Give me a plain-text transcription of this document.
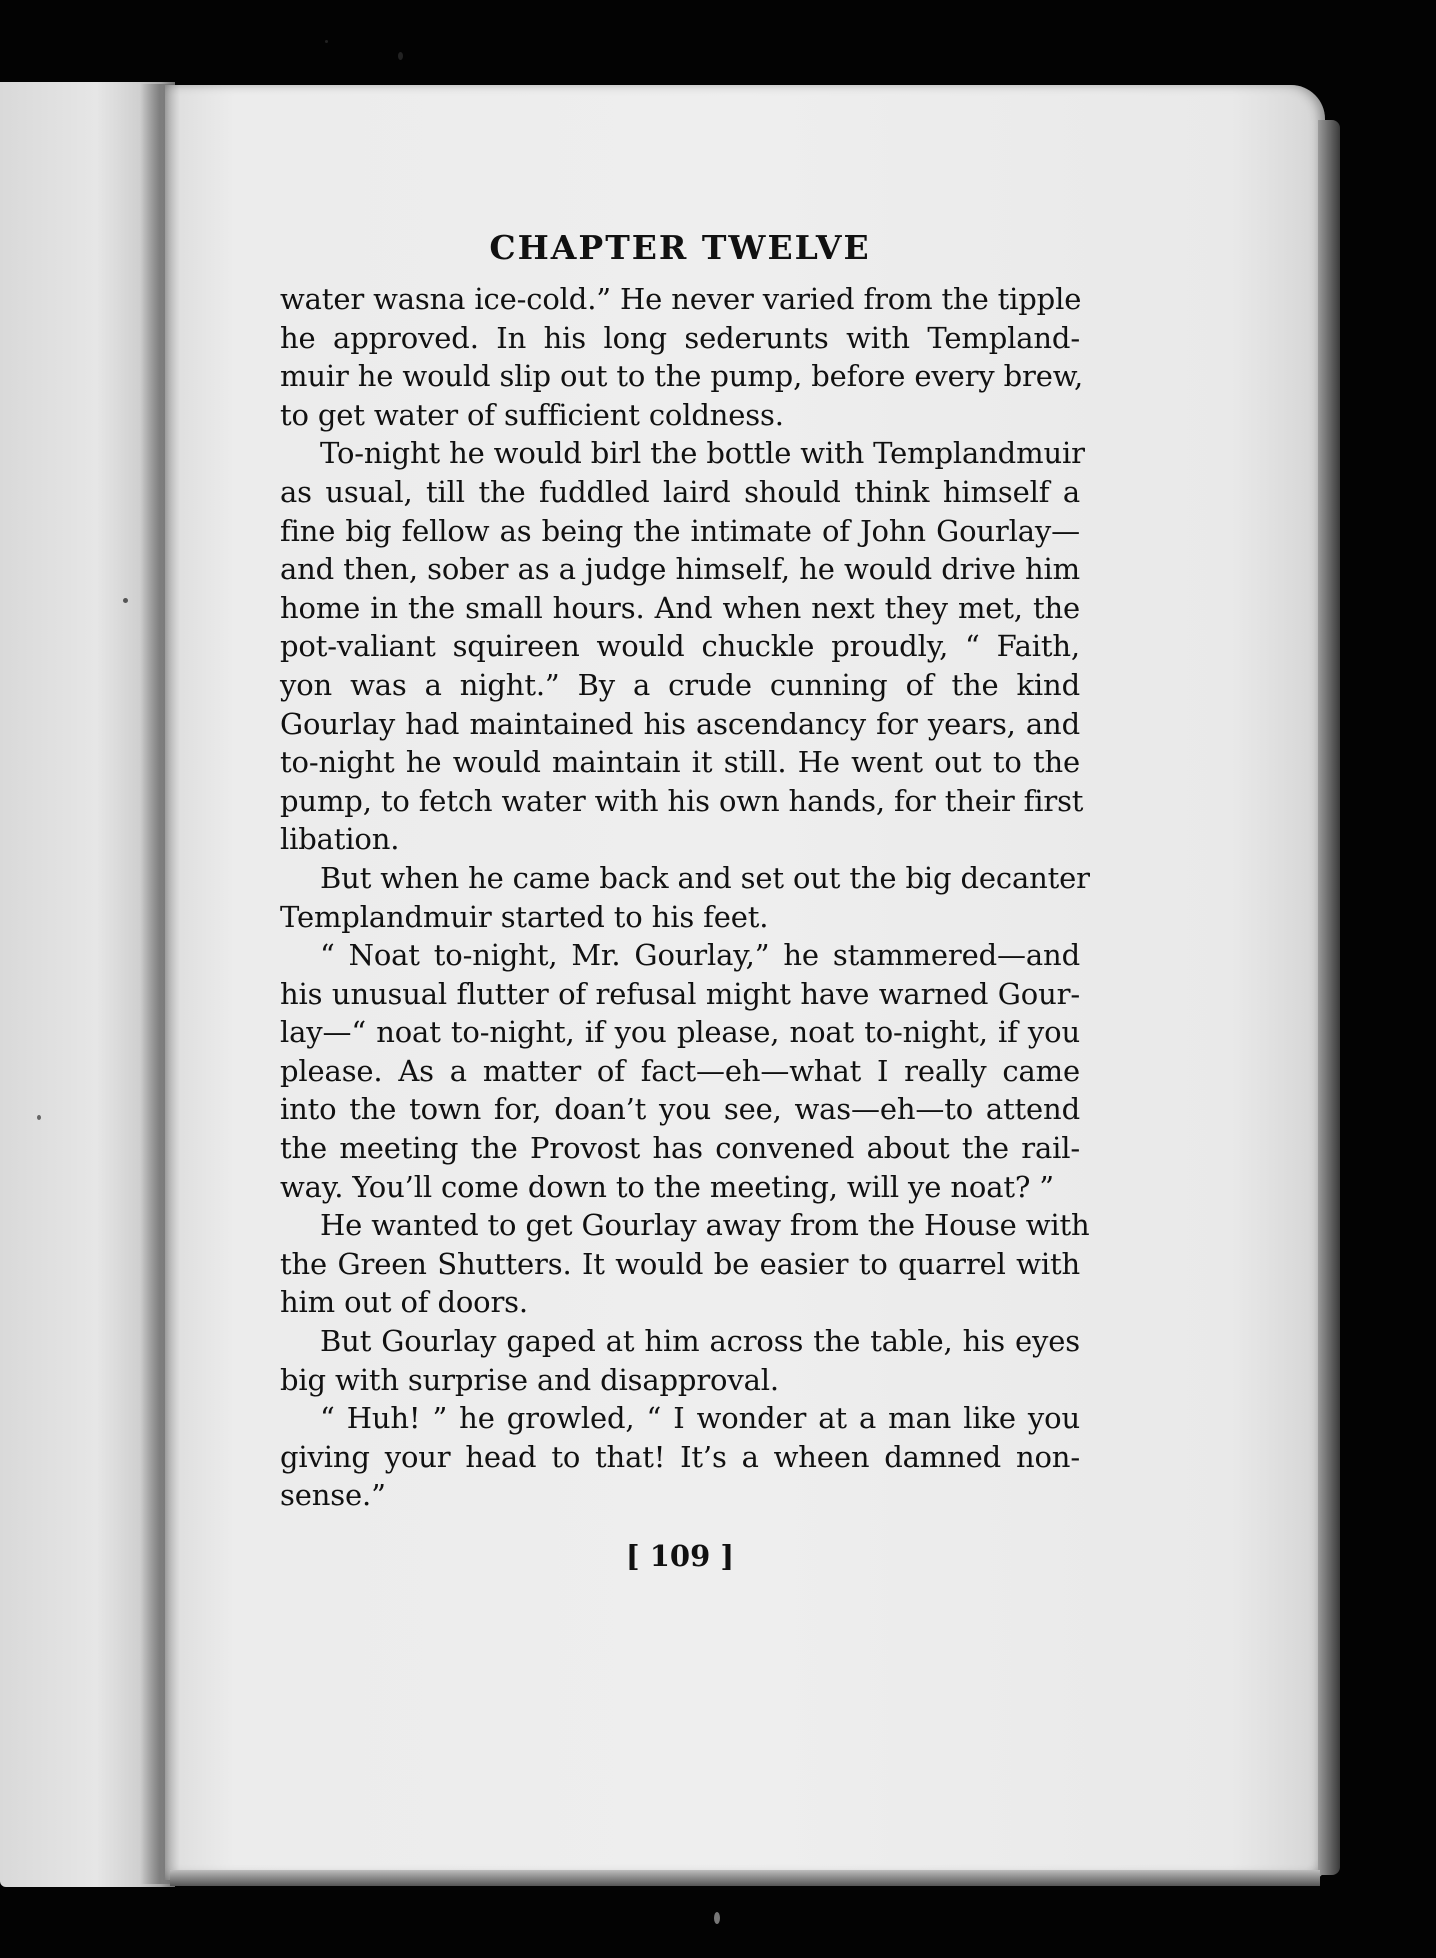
CHAPTER TWELVE
water wasna ice-cold.” He never varied from the tipple
he approved. In his long sederunts with Templand-
muir he would slip out to the pump, before every brew,
to get water of sufficient coldness.
To-night he would birl the bottle with Templandmuir
as usual, till the fuddled laird should think himself a
fine big fellow as being the intimate of John Gourlay—
and then, sober as a judge himself, he would drive him
home in the small hours. And when next they met, the
pot-valiant squireen would chuckle proudly, “ Faith,
yon was a night.” By a crude cunning of the kind
Gourlay had maintained his ascendancy for years, and
to-night he would maintain it still. He went out to the
pump, to fetch water with his own hands, for their first
libation.
But when he came back and set out the big decanter
Templandmuir started to his feet.
“ Noat to-night, Mr. Gourlay,” he stammered—and
his unusual flutter of refusal might have warned Gour-
lay—“ noat to-night, if you please, noat to-night, if you
please. As a matter of fact—eh—what I really came
into the town for, doan’t you see, was—eh—to attend
the meeting the Provost has convened about the rail-
way. You’ll come down to the meeting, will ye noat? ”
He wanted to get Gourlay away from the House with
the Green Shutters. It would be easier to quarrel with
him out of doors.
But Gourlay gaped at him across the table, his eyes
big with surprise and disapproval.
“ Huh! ” he growled, “ I wonder at a man like you
giving your head to that! It’s a wheen damned non-
sense.”
[ 109 ]
